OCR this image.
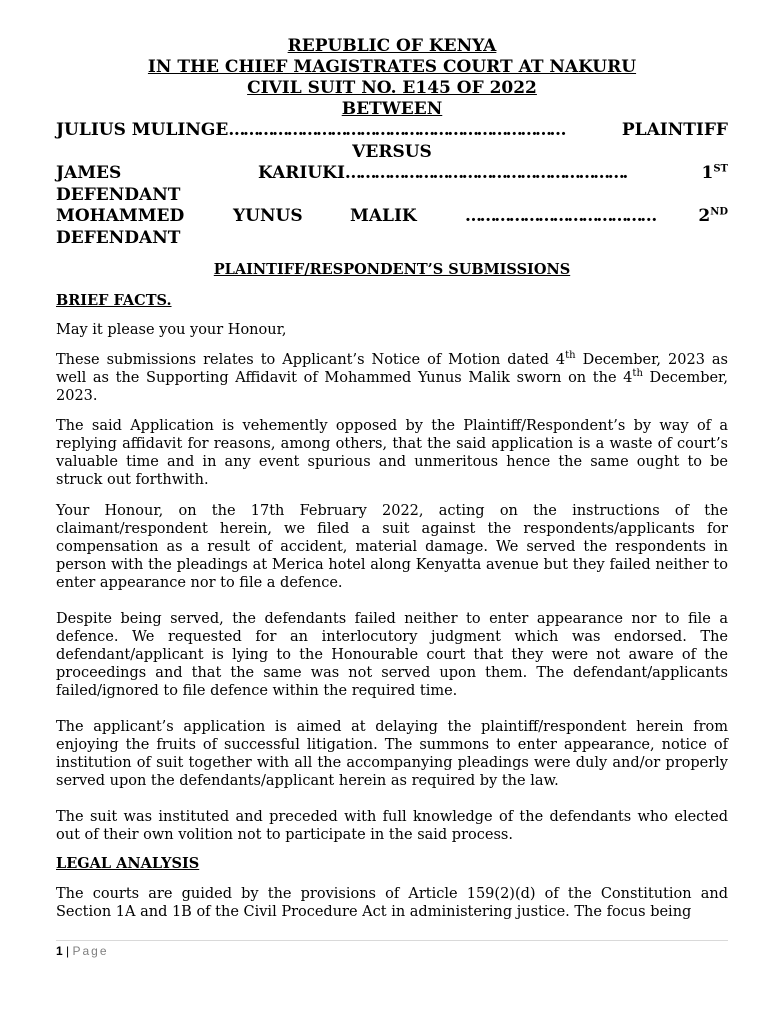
REPUBLIC OF KENYA
IN THE CHIEF MAGISTRATES COURT AT NAKURU
CIVIL SUIT NO. E145 OF 2022
BETWEEN
JULIUS MULINGE ……………………………………………………………	PLAINTIFF
VERSUS
JAMES	KARIUKI ………………………………………………….	1ST
DEFENDANT
MOHAMMED	YUNUS	MALIK	…………………………………	2ND
DEFENDANT
PLAINTIFF/RESPONDENT’S SUBMISSIONS
BRIEF FACTS.

May it please you your Honour,

These submissions relates to Applicant’s Notice of Motion dated 4th December, 2023 as well as the Supporting Affidavit of Mohammed Yunus Malik sworn on the 4th December, 2023.

The said Application is vehemently opposed by the Plaintiff/Respondent’s by way of a replying affidavit for reasons, among others, that the said application is a waste of court’s valuable time and in any event spurious and unmeritous hence the same ought to be struck out forthwith.

Your Honour, on the 17th February 2022, acting on the instructions of the claimant/respondent herein, we filed a suit against the respondents/applicants for compensation as a result of accident, material damage. We served the respondents in person with the pleadings at Merica hotel along Kenyatta avenue but they failed neither to enter appearance nor to file a defence.

Despite being served, the defendants failed neither to enter appearance nor to file a defence. We requested for an interlocutory judgment which was endorsed. The defendant/applicant is lying to the Honourable court that they were not aware of the proceedings and that the same was not served upon them. The defendant/applicants failed/ignored to file defence within the required time.

The applicant’s application is aimed at delaying the plaintiff/respondent herein from enjoying the fruits of successful litigation. The summons to enter appearance, notice of institution of suit together with all the accompanying pleadings were duly and/or properly served upon the defendants/applicant herein as required by the law.

The suit was instituted and preceded with full knowledge of the defendants who elected out of their own volition not to participate in the said process.

LEGAL ANALYSIS

The courts are guided by the provisions of Article 159(2)(d) of the Constitution and Section 1A and 1B of the Civil Procedure Act in administering justice. The focus being

1 | Page
